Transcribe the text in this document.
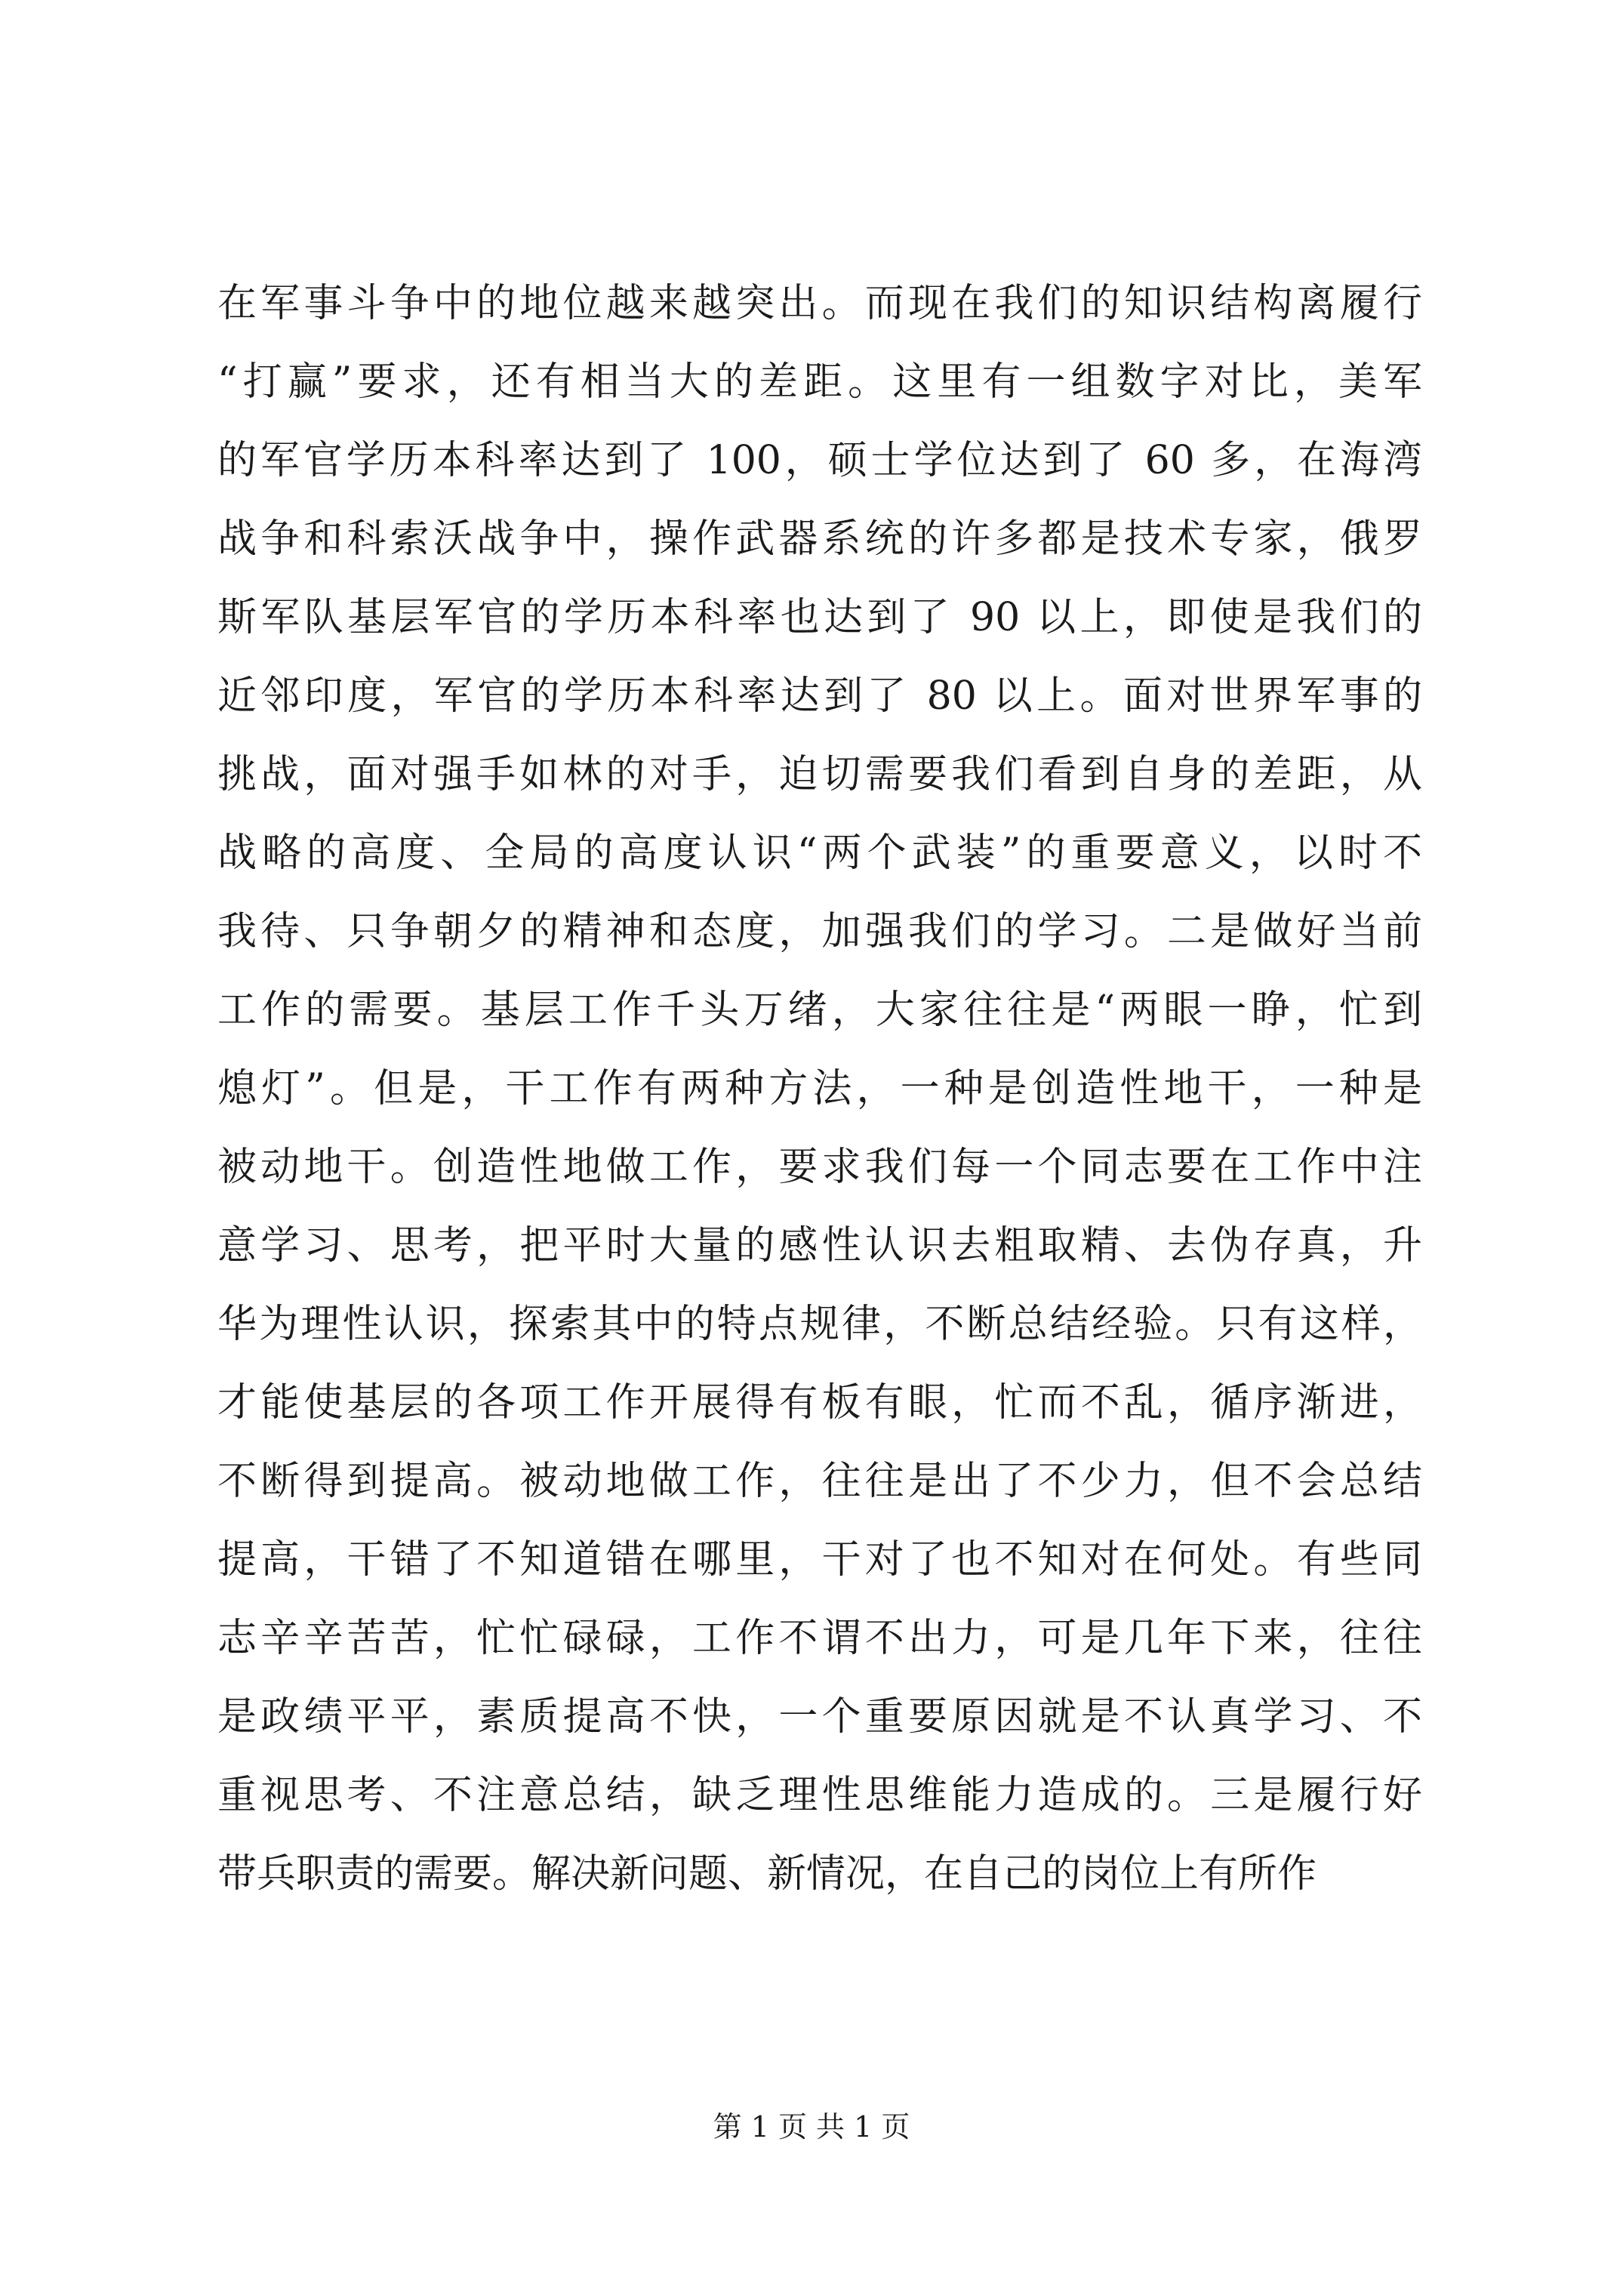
在军事斗争中的地位越来越突出。而现在我们的知识结构离履行
“打赢”要求，还有相当大的差距。这里有一组数字对比，美军
的军官学历本科率达到了 100，硕士学位达到了 60 多，在海湾
战争和科索沃战争中，操作武器系统的许多都是技术专家，俄罗
斯军队基层军官的学历本科率也达到了 90 以上，即使是我们的
近邻印度，军官的学历本科率达到了 80 以上。面对世界军事的
挑战，面对强手如林的对手，迫切需要我们看到自身的差距，从
战略的高度、全局的高度认识“两个武装”的重要意义，以时不
我待、只争朝夕的精神和态度，加强我们的学习。二是做好当前
工作的需要。基层工作千头万绪，大家往往是“两眼一睁，忙到
熄灯”。但是，干工作有两种方法，一种是创造性地干，一种是
被动地干。创造性地做工作，要求我们每一个同志要在工作中注
意学习、思考，把平时大量的感性认识去粗取精、去伪存真，升
华为理性认识，探索其中的特点规律，不断总结经验。只有这样，
才能使基层的各项工作开展得有板有眼，忙而不乱，循序渐进，
不断得到提高。被动地做工作，往往是出了不少力，但不会总结
提高，干错了不知道错在哪里，干对了也不知对在何处。有些同
志辛辛苦苦，忙忙碌碌，工作不谓不出力，可是几年下来，往往
是政绩平平，素质提高不快，一个重要原因就是不认真学习、不
重视思考、不注意总结，缺乏理性思维能力造成的。三是履行好
带兵职责的需要。解决新问题、新情况，在自己的岗位上有所作
第 1 页 共 1 页
